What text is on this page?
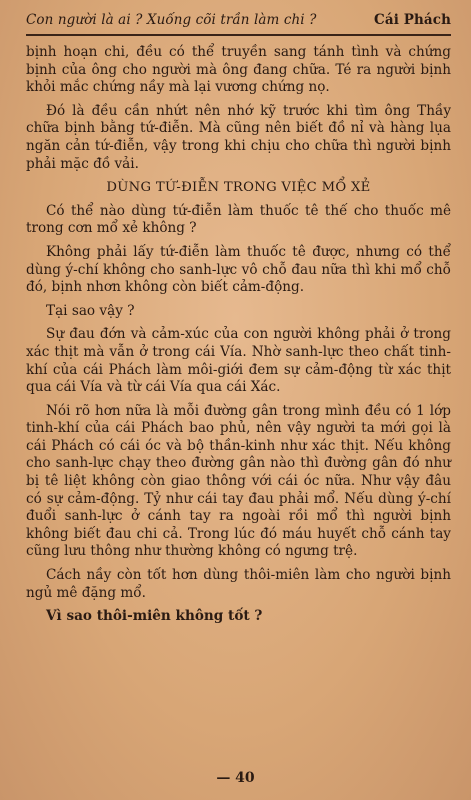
Con người là ai ? Xuống cõi trần làm chi ?	Cái Phách

bịnh hoạn chi, đều có thể truyền sang tánh tình và chứng bịnh của ông cho người mà ông đang chữa. Té ra người bịnh khỏi mắc chứng nầy mà lại vương chứng nọ.

Đó là đều cần nhứt nên nhớ kỹ trước khi tìm ông Thầy chữa bịnh bằng tứ-điễn. Mà cũng nên biết đồ nỉ và hàng lụa ngăn cản tứ-điễn, vậy trong khi chịu cho chữa thì người bịnh phải mặc đồ vải.

DÙNG TỨ-ĐIỄN TRONG VIỆC MỔ XẺ

Có thể nào dùng tứ-điễn làm thuốc tê thế cho thuốc mê trong cơn mổ xẻ không ?

Không phải lấy tứ-điễn làm thuốc tê được, nhưng có thể dùng ý-chí không cho sanh-lực vô chỗ đau nữa thì khi mổ chỗ đó, bịnh nhơn không còn biết cảm-động.

Tại sao vậy ?

Sự đau đớn và cảm-xúc của con người không phải ở trong xác thịt mà vẫn ở trong cái Vía. Nhờ sanh-lực theo chất tinh-khí của cái Phách làm môi-giới đem sự cảm-động từ xác thịt qua cái Vía và từ cái Vía qua cái Xác.

Nói rõ hơn nữa là mỗi đường gân trong mình đều có 1 lớp tinh-khí của cái Phách bao phủ, nên vậy người ta mới gọi là cái Phách có cái óc và bộ thần-kinh như xác thịt. Nếu không cho sanh-lực chạy theo đường gân nào thì đường gân đó như bị tê liệt không còn giao thông với cái óc nữa. Như vậy đâu có sự cảm-động. Tỷ như cái tay đau phải mổ. Nếu dùng ý-chí đuổi sanh-lực ở cánh tay ra ngoài rồi mổ thì người bịnh không biết đau chi cả. Trong lúc đó máu huyết chỗ cánh tay cũng lưu thông như thường không có ngưng trệ.

Cách nầy còn tốt hơn dùng thôi-miên làm cho người bịnh ngủ mê đặng mổ.

Vì sao thôi-miên không tốt ?

— 40
